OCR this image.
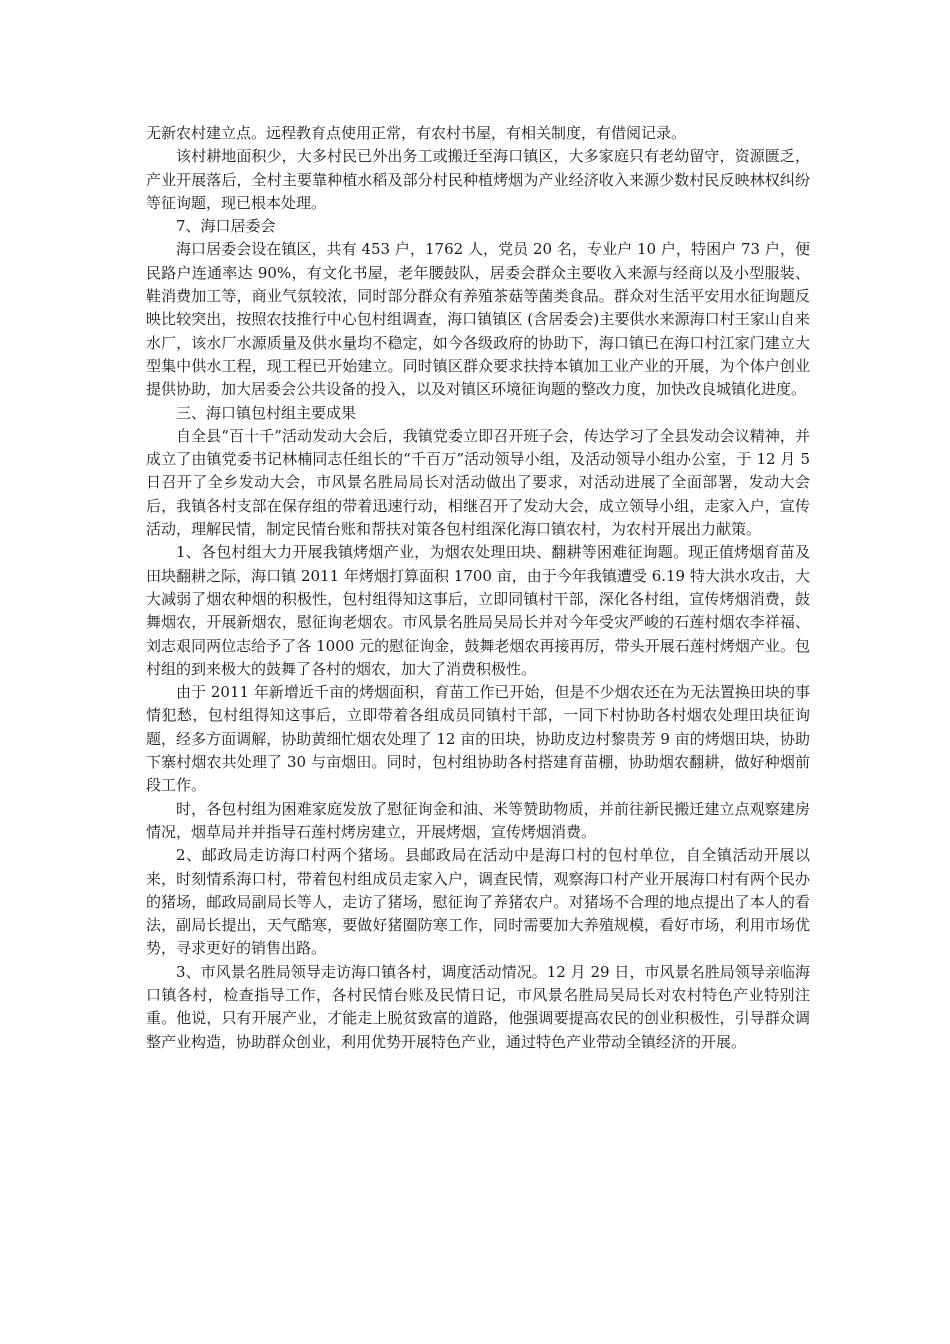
无新农村建立点。远程教育点使用正常，有农村书屋，有相关制度，有借阅记录。

该村耕地面积少，大多村民已外出务工或搬迁至海口镇区，大多家庭只有老幼留守，资源匮乏，产业开展落后，全村主要靠种植水稻及部分村民种植烤烟为产业经济收入来源少数村民反映林权纠纷等征询题，现已根本处理。

7、海口居委会

海口居委会设在镇区，共有 453 户，1762 人，党员 20 名，专业户 10 户，特困户 73 户，便民路户连通率达 90%，有文化书屋，老年腰鼓队，居委会群众主要收入来源与经商以及小型服装、鞋消费加工等，商业气氛较浓，同时部分群众有养殖茶菇等菌类食品。群众对生活平安用水征询题反映比较突出，按照农技推行中心包村组调查，海口镇镇区 (含居委会)主要供水来源海口村王家山自来水厂，该水厂水源质量及供水量均不稳定，如今各级政府的协助下，海口镇已在海口村江家门建立大型集中供水工程，现工程已开始建立。同时镇区群众要求扶持本镇加工业产业的开展，为个体户创业提供协助，加大居委会公共设备的投入，以及对镇区环境征询题的整改力度，加快改良城镇化进度。

三、海口镇包村组主要成果

自全县“百十千”活动发动大会后，我镇党委立即召开班子会，传达学习了全县发动会议精神，并成立了由镇党委书记林楠同志任组长的“千百万”活动领导小组，及活动领导小组办公室，于 12 月 5 日召开了全乡发动大会，市风景名胜局局长对活动做出了要求，对活动进展了全面部署，发动大会后，我镇各村支部在保存组的带着迅速行动，相继召开了发动大会，成立领导小组，走家入户，宣传活动，理解民情，制定民情台账和帮扶对策各包村组深化海口镇农村，为农村开展出力献策。

1、各包村组大力开展我镇烤烟产业，为烟农处理田块、翻耕等困难征询题。现正值烤烟育苗及田块翻耕之际，海口镇 2011 年烤烟打算面积 1700 亩，由于今年我镇遭受 6.19 特大洪水攻击，大大减弱了烟农种烟的积极性，包村组得知这事后，立即同镇村干部，深化各村组，宣传烤烟消费，鼓舞烟农，开展新烟农，慰征询老烟农。市风景名胜局吴局长并对今年受灾严峻的石莲村烟农李祥福、刘志艰同两位志给予了各 1000 元的慰征询金，鼓舞老烟农再接再厉，带头开展石莲村烤烟产业。包村组的到来极大的鼓舞了各村的烟农，加大了消费积极性。

由于 2011 年新增近千亩的烤烟面积，育苗工作已开始，但是不少烟农还在为无法置换田块的事情犯愁，包村组得知这事后，立即带着各组成员同镇村干部，一同下村协助各村烟农处理田块征询题，经多方面调解，协助黄细忙烟农处理了 12 亩的田块，协助皮边村黎贵芳 9 亩的烤烟田块，协助下寨村烟农共处理了 30 与亩烟田。同时，包村组协助各村搭建育苗棚，协助烟农翻耕，做好种烟前段工作。

时，各包村组为困难家庭发放了慰征询金和油、米等赞助物质，并前往新民搬迁建立点观察建房情况，烟草局并并指导石莲村烤房建立，开展烤烟，宣传烤烟消费。

2、邮政局走访海口村两个猪场。县邮政局在活动中是海口村的包村单位，自全镇活动开展以来，时刻情系海口村，带着包村组成员走家入户，调查民情，观察海口村产业开展海口村有两个民办的猪场，邮政局副局长等人，走访了猪场，慰征询了养猪农户。对猪场不合理的地点提出了本人的看法，副局长提出，天气酷寒，要做好猪圈防寒工作，同时需要加大养殖规模，看好市场，利用市场优势，寻求更好的销售出路。

3、市风景名胜局领导走访海口镇各村，调度活动情况。12 月 29 日，市风景名胜局领导亲临海口镇各村，检查指导工作，各村民情台账及民情日记，市风景名胜局吴局长对农村特色产业特别注重。他说，只有开展产业，才能走上脱贫致富的道路，他强调要提高农民的创业积极性，引导群众调整产业构造，协助群众创业，利用优势开展特色产业，通过特色产业带动全镇经济的开展。
